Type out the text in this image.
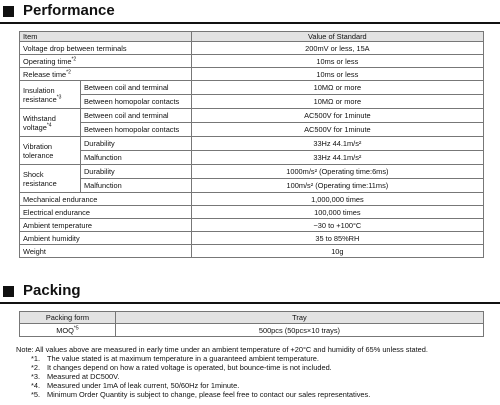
Performance
Item		Value of Standard
Voltage drop between terminals		200mV or less, 15A
Operating time$^{*2}$		10ms or less
Release time$^{*2}$		10ms or less
Insulation
resistance$^{*3}$	Between coil and terminal	10MΩ or more
	Between homopolar contacts	10MΩ or more
Withstand
voltage$^{*4}$	Between coil and terminal	AC500V for 1minute
	Between homopolar contacts	AC500V for 1minute
Vibration
tolerance	Durability	33Hz 44.1m/s²
	Malfunction	33Hz 44.1m/s²
Shock
resistance	Durability	1000m/s² (Operating time:6ms)
	Malfunction	100m/s² (Operating time:11ms)
Mechanical endurance		1,000,000 times
Electrical endurance		100,000 times
Ambient temperature		−30 to +100°C
Ambient humidity		35 to 85%RH
Weight		10g
Packing
Packing form	Tray
MOQ$^{*5}$	500pcs (50pcs×10 trays)
Note: All values above are measured in early time under an ambient temperature of +20°C and humidity of 65% unless stated.
*1. The value stated is at maximum temperature in a guaranteed ambient temperature.
*2. It changes depend on how a rated voltage is operated, but bounce-time is not included.
*3. Measured at DC500V.
*4. Measured under 1mA of leak current, 50/60Hz for 1minute.
*5. Minimum Order Quantity is subject to change, please feel free to contact our sales representatives.
